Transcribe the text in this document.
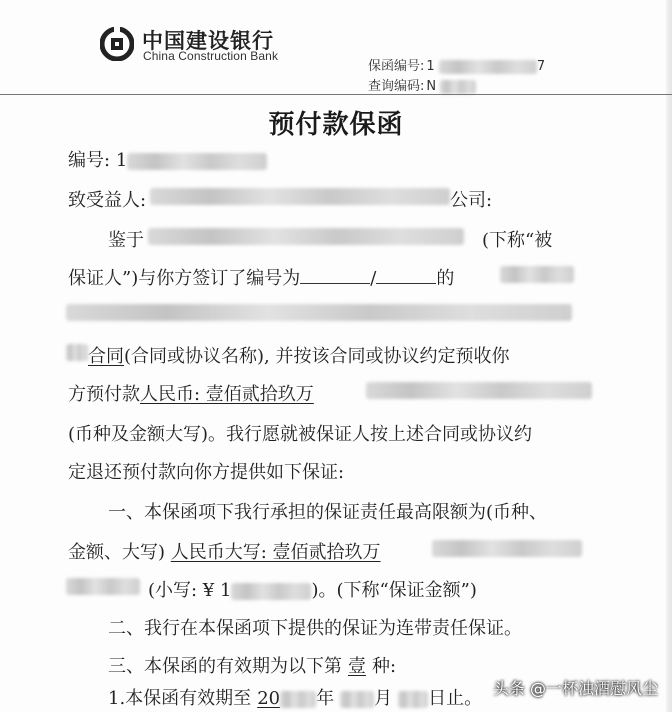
中国建设银行
China Construction Bank
保函编号: 1	7
查询编码: N
预付款保函
编号: 1
致受益人:	公司:
鉴于	(下称“被
保证人”)与你方签订了编号为	/	的
合同(合同或协议名称), 并按该合同或协议约定预收你
方预付款人民币: 壹佰贰拾玖万
(币种及金额大写)。我行愿就被保证人按上述合同或协议约
定退还预付款向你方提供如下保证:
一、本保函项下我行承担的保证责任最高限额为(币种、
金额、大写) 人民币大写: 壹佰贰拾玖万
(小写: ¥ 1	)。(下称“保证金额”)
二、我行在本保函项下提供的保证为连带责任保证。
三、本保函的有效期为以下第 壹 种:
1.本保函有效期至 20 年 月 日止。 头条 @一杯浊酒慰风尘
